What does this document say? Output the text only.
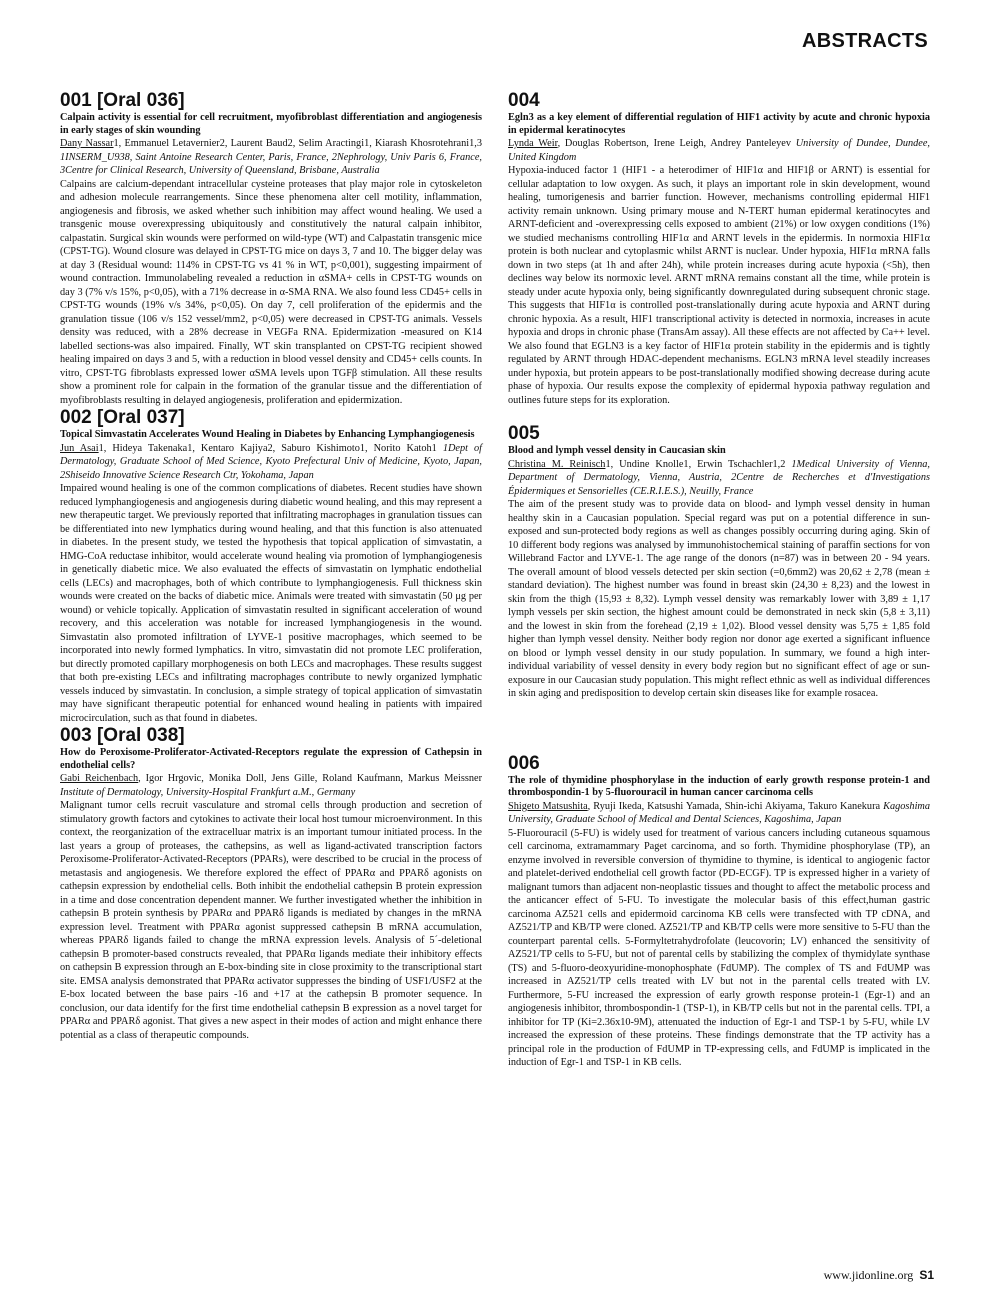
ABSTRACTS

001 [Oral 036]

Calpain activity is essential for cell recruitment, myofibroblast differentiation and angiogenesis in early stages of skin wounding

Dany Nassar1, Emmanuel Letavernier2, Laurent Baud2, Selim Aractingi1, Kiarash Khosrotehrani1,3 1INSERM_U938, Saint Antoine Research Center, Paris, France, 2Nephrology, Univ Paris 6, France, 3Centre for Clinical Research, University of Queensland, Brisbane, Australia

Calpains are calcium-dependant intracellular cysteine proteases that play major role in cytoskeleton and adhesion molecule rearrangements. Since these phenomena alter cell motility, inflammation, angiogenesis and fibrosis, we asked whether such inhibition may affect wound healing. We used a transgenic mouse overexpressing ubiquitously and constitutively the natural calpain inhibitor, calpastatin. Surgical skin wounds were performed on wild-type (WT) and Calpastatin transgenic mice (CPST-TG). Wound closure was delayed in CPST-TG mice on days 3, 7 and 10. The bigger delay was at day 3 (Residual wound: 114% in CPST-TG vs 41 % in WT, p<0,001), suggesting impairment of wound contraction. Immunolabeling revealed a reduction in αSMA+ cells in CPST-TG wounds on day 3 (7% v/s 15%, p<0,05), with a 71% decrease in α-SMA RNA. We also found less CD45+ cells in CPST-TG wounds (19% v/s 34%, p<0,05). On day 7, cell proliferation of the epidermis and the granulation tissue (106 v/s 152 vessel/mm2, p<0,05) were decreased in CPST-TG animals. Vessels density was reduced, with a 28% decrease in VEGFa RNA. Epidermization -measured on K14 labelled sections-was also impaired. Finally, WT skin transplanted on CPST-TG recipient showed healing impaired on days 3 and 5, with a reduction in blood vessel density and CD45+ cells counts. In vitro, CPST-TG fibroblasts expressed lower αSMA levels upon TGFβ stimulation. All these results show a prominent role for calpain in the formation of the granular tissue and the differentiation of myofibroblasts resulting in delayed angiogenesis, proliferation and epidermization.

002 [Oral 037]

Topical Simvastatin Accelerates Wound Healing in Diabetes by Enhancing Lymphangiogenesis

Jun Asai1, Hideya Takenaka1, Kentaro Kajiya2, Saburo Kishimoto1, Norito Katoh1 1Dept of Dermatology, Graduate School of Med Science, Kyoto Prefectural Univ of Medicine, Kyoto, Japan, 2Shiseido Innovative Science Research Ctr, Yokohama, Japan

Impaired wound healing is one of the common complications of diabetes. Recent studies have shown reduced lymphangiogenesis and angiogenesis during diabetic wound healing, and this may represent a new therapeutic target. We previously reported that infiltrating macrophages in granulation tissues can be differentiated into new lymphatics during wound healing, and that this function is also attenuated in diabetes. In the present study, we tested the hypothesis that topical application of simvastatin, a HMG-CoA reductase inhibitor, would accelerate wound healing via promotion of lymphangiogenesis in genetically diabetic mice. We also evaluated the effects of simvastatin on lymphatic endothelial cells (LECs) and macrophages, both of which contribute to lymphangiogenesis. Full thickness skin wounds were created on the backs of diabetic mice. Animals were treated with simvastatin (50 μg per wound) or vehicle topically. Application of simvastatin resulted in significant acceleration of wound recovery, and this acceleration was notable for increased lymphangiogenesis in the wound. Simvastatin also promoted infiltration of LYVE-1 positive macrophages, which seemed to be incorporated into newly formed lymphatics. In vitro, simvastatin did not promote LEC proliferation, but directly promoted capillary morphogenesis on both LECs and macrophages. These results suggest that both pre-existing LECs and infiltrating macrophages contribute to newly organized lymphatic vessels induced by simvastatin. In conclusion, a simple strategy of topical application of simvastatin may have significant therapeutic potential for enhanced wound healing in patients with impaired microcirculation, such as that found in diabetes.

003 [Oral 038]

How do Peroxisome-Proliferator-Activated-Receptors regulate the expression of Cathepsin in endothelial cells?

Gabi Reichenbach, Igor Hrgovic, Monika Doll, Jens Gille, Roland Kaufmann, Markus Meissner Institute of Dermatology, University-Hospital Frankfurt a.M., Germany

Malignant tumor cells recruit vasculature and stromal cells through production and secretion of stimulatory growth factors and cytokines to activate their local host tumour microenvironment. In this context, the reorganization of the extracelluar matrix is an important tumour initiated process. In the last years a group of proteases, the cathepsins, as well as ligand-activated transcription factors Peroxisome-Proliferator-Activated-Receptors (PPARs), were described to be crucial in the process of metastasis and angiogenesis. We therefore explored the effect of PPARα and PPARδ agonists on cathepsin expression by endothelial cells. Both inhibit the endothelial cathepsin B protein expression in a time and dose concentration dependent manner. We further investigated whether the inhibition in cathepsin B protein synthesis by PPARα and PPARδ ligands is mediated by changes in the mRNA expression level. Treatment with PPARα agonist suppressed cathepsin B mRNA accumulation, whereas PPARδ ligands failed to change the mRNA expression levels. Analysis of 5´-deletional cathepsin B promoter-based constructs revealed, that PPARα ligands mediate their inhibitory effects on cathepsin B expression through an E-box-binding site in close proximity to the transcriptional start site. EMSA analysis demonstrated that PPARα activator suppresses the binding of USF1/USF2 at the E-box located between the base pairs -16 and +17 at the cathepsin B promoter sequence. In conclusion, our data identify for the first time endothelial cathepsin B expression as a novel target for PPARα and PPARδ agonist. That gives a new aspect in their modes of action and might enhance there potential as a class of therapeutic compounds.

004

Egln3 as a key element of differential regulation of HIF1 activity by acute and chronic hypoxia in epidermal keratinocytes

Lynda Weir, Douglas Robertson, Irene Leigh, Andrey Panteleyev University of Dundee, Dundee, United Kingdom

Hypoxia-induced factor 1 (HIF1 - a heterodimer of HIF1α and HIF1β or ARNT) is essential for cellular adaptation to low oxygen. As such, it plays an important role in skin development, wound healing, tumorigenesis and barrier function. However, mechanisms controlling epidermal HIF1 activity remain unknown. Using primary mouse and N-TERT human epidermal keratinocytes and ARNT-deficient and -overexpressing cells exposed to ambient (21%) or low oxygen conditions (1%) we studied mechanisms controlling HIF1α and ARNT levels in the epidermis. In normoxia HIF1α protein is both nuclear and cytoplasmic whilst ARNT is nuclear. Under hypoxia, HIF1α mRNA falls down in two steps (at 1h and after 24h), while protein increases during acute hypoxia (<5h), then declines way below its normoxic level. ARNT mRNA remains constant all the time, while protein is steady under acute hypoxia only, being significantly downregulated during subsequent chronic stage. This suggests that HIF1α is controlled post-translationally during acute hypoxia and ARNT during chronic hypoxia. As a result, HIF1 transcriptional activity is detected in normoxia, increases in acute hypoxia and drops in chronic phase (TransAm assay). All these effects are not affected by Ca++ level. We also found that EGLN3 is a key factor of HIF1α protein stability in the epidermis and is tightly regulated by ARNT through HDAC-dependent mechanisms. EGLN3 mRNA level steadily increases under hypoxia, but protein appears to be post-translationally modified showing decrease during acute phase of hypoxia. Our results expose the complexity of epidermal hypoxia pathway regulation and outlines future steps for its exploration.

005

Blood and lymph vessel density in Caucasian skin

Christina M. Reinisch1, Undine Knolle1, Erwin Tschachler1,2 1Medical University of Vienna, Department of Dermatology, Vienna, Austria, 2Centre de Recherches et d'Investigations Épidermiques et Sensorielles (CE.R.I.E.S.), Neuilly, France

The aim of the present study was to provide data on blood- and lymph vessel density in human healthy skin in a Caucasian population. Special regard was put on a potential difference in sun-exposed and sun-protected body regions as well as changes possibly occurring during aging. Skin of 10 different body regions was analysed by immunohistochemical staining of paraffin sections for von Willebrand Factor and LYVE-1. The age range of the donors (n=87) was in between 20 - 94 years. The overall amount of blood vessels detected per skin section (=0,6mm2) was 20,62 ± 2,78 (mean ± standard deviation). The highest number was found in breast skin (24,30 ± 8,23) and the lowest in skin from the thigh (15,93 ± 8,32). Lymph vessel density was remarkably lower with 3,89 ± 1,17 lymph vessels per skin section, the highest amount could be demonstrated in neck skin (5,8 ± 3,11) and the lowest in skin from the forehead (2,19 ± 1,02). Blood vessel density was 5,75 ± 1,85 fold higher than lymph vessel density. Neither body region nor donor age exerted a significant influence on blood or lymph vessel density in our study population. In summary, we found a high inter-individual variability of vessel density in every body region but no significant effect of age or sun-exposure in our Caucasian study population. This might reflect ethnic as well as individual differences in skin aging and predisposition to develop certain skin diseases like for example rosacea.

006

The role of thymidine phosphorylase in the induction of early growth response protein-1 and thrombospondin-1 by 5-fluorouracil in human cancer carcinoma cells

Shigeto Matsushita, Ryuji Ikeda, Katsushi Yamada, Shin-ichi Akiyama, Takuro Kanekura Kagoshima University, Graduate School of Medical and Dental Sciences, Kagoshima, Japan

5-Fluorouracil (5-FU) is widely used for treatment of various cancers including cutaneous squamous cell carcinoma, extramammary Paget carcinoma, and so forth. Thymidine phosphorylase (TP), an enzyme involved in reversible conversion of thymidine to thymine, is identical to angiogenic factor and platelet-derived endothelial cell growth factor (PD-ECGF). TP is expressed higher in a variety of malignant tumors than adjacent non-neoplastic tissues and thought to affect the metabolic process and the anticancer effect of 5-FU. To investigate the molecular basis of this effect,human gastric carcinoma AZ521 cells and epidermoid carcinoma KB cells were transfected with TP cDNA, and AZ521/TP and KB/TP were cloned. AZ521/TP and KB/TP cells were more sensitive to 5-FU than the counterpart parental cells. 5-Formyltetrahydrofolate (leucovorin; LV) enhanced the sensitivity of AZ521/TP cells to 5-FU, but not of parental cells by stabilizing the complex of thymidylate synthase (TS) and 5-fluoro-deoxyuridine-monophosphate (FdUMP). The complex of TS and FdUMP was increased in AZ521/TP cells treated with LV but not in the parental cells treated with LV. Furthermore, 5-FU increased the expression of early growth response protein-1 (Egr-1) and an angiogenesis inhibitor, thrombospondin-1 (TSP-1), in KB/TP cells but not in the parental cells. TPI, a inhibitor for TP (Ki=2.36x10-9M), attenuated the induction of Egr-1 and TSP-1 by 5-FU, while LV increased the expression of these proteins. These findings demonstrate that the TP activity has a principal role in the production of FdUMP in TP-expressing cells, and FdUMP is implicated in the induction of Egr-1 and TSP-1 in KB cells.

www.jidonline.org S1
